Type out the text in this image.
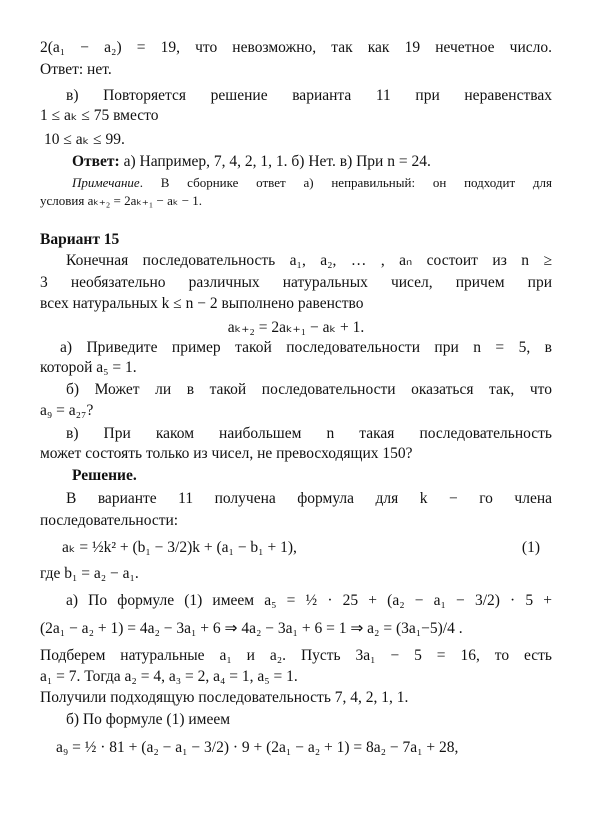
2(a₁ − a₂) = 19, что невозможно, так как 19 нечетное число.
Ответ: нет.
в) Повторяется решение варианта 11 при неравенствах
1 ≤ aₖ ≤ 75 вместо
10 ≤ aₖ ≤ 99.
Ответ: а) Например, 7, 4, 2, 1, 1. б) Нет. в) При n = 24.
Примечание. В сборнике ответ а) неправильный: он подходит для
условия aₖ₊₂ = 2aₖ₊₁ − aₖ − 1.
Вариант 15
Конечная последовательность a₁, a₂, … , aₙ состоит из n ≥
3 необязательно различных натуральных чисел, причем при
всех натуральных k ≤ n − 2 выполнено равенство
aₖ₊₂ = 2aₖ₊₁ − aₖ + 1.
а) Приведите пример такой последовательности при n = 5, в
которой a₅ = 1.
б) Может ли в такой последовательности оказаться так, что
a₉ = a₂₇?
в) При каком наибольшем n такая последовательность
может состоять только из чисел, не превосходящих 150?
Решение.
В варианте 11 получена формула для k − го члена
последовательности:
aₖ = ½k² + (b₁ − 3/2)k + (a₁ − b₁ + 1),	(1)
где b₁ = a₂ − a₁.
а) По формуле (1) имеем a₅ = ½ · 25 + (a₂ − a₁ − 3/2) · 5 +
(2a₁ − a₂ + 1) = 4a₂ − 3a₁ + 6 ⇒ 4a₂ − 3a₁ + 6 = 1 ⇒ a₂ = (3a₁−5)/4 .
Подберем натуральные a₁ и a₂. Пусть 3a₁ − 5 = 16, то есть
a₁ = 7. Тогда a₂ = 4, a₃ = 2, a₄ = 1, a₅ = 1.
Получили подходящую последовательность 7, 4, 2, 1, 1.
б) По формуле (1) имеем
a₉ = ½ · 81 + (a₂ − a₁ − 3/2) · 9 + (2a₁ − a₂ + 1) = 8a₂ − 7a₁ + 28,
